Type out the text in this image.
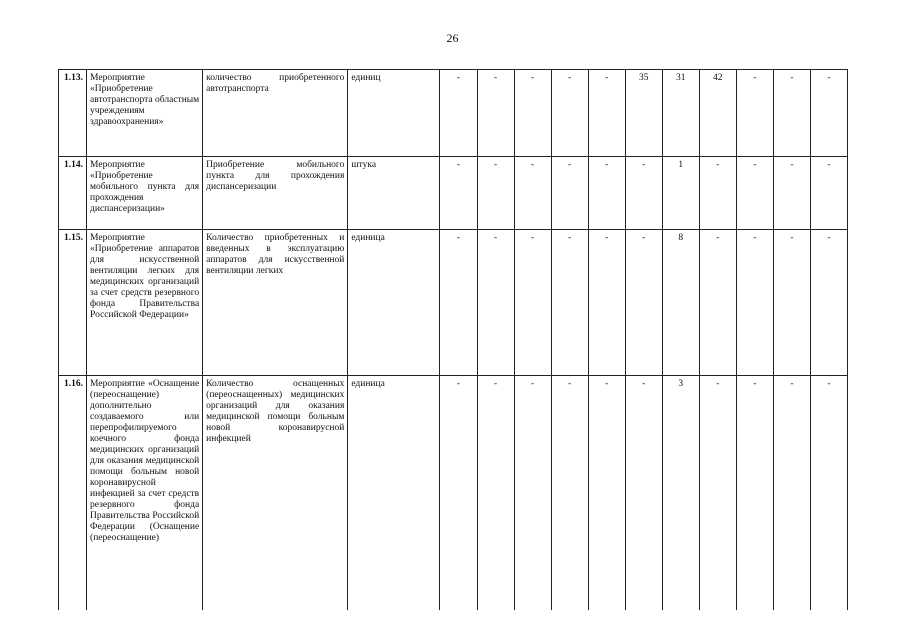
26
1.13.	Мероприятие «Приобретение автотранспорта областным учреждениям здравоохранения»	количество приобретенного автотранспорта	единиц	-	-	-	-	-	35	31	42	-	-	-
1.14.	Мероприятие «Приобретение мобильного пункта для прохождения диспансеризации»	Приобретение мобильного пункта для прохождения диспансеризации	штука	-	-	-	-	-	-	1	-	-	-	-
1.15.	Мероприятие «Приобретение аппаратов для искусственной вентиляции легких для медицинских организаций за счет средств резервного фонда Правительства Российской Федерации»	Количество приобретенных и введенных в эксплуатацию аппаратов для искусственной вентиляции легких	единица	-	-	-	-	-	-	8	-	-	-	-
1.16.	Мероприятие «Оснащение (переоснащение) дополнительно создаваемого или перепрофилируемого коечного фонда медицинских организаций для оказания медицинской помощи больным новой коронавирусной инфекцией за счет средств резервного фонда Правительства Российской Федерации (Оснащение (переоснащение)	Количество оснащенных (переоснащенных) медицинских организаций для оказания медицинской помощи больным новой коронавирусной инфекцией	единица	-	-	-	-	-	-	3	-	-	-	-
